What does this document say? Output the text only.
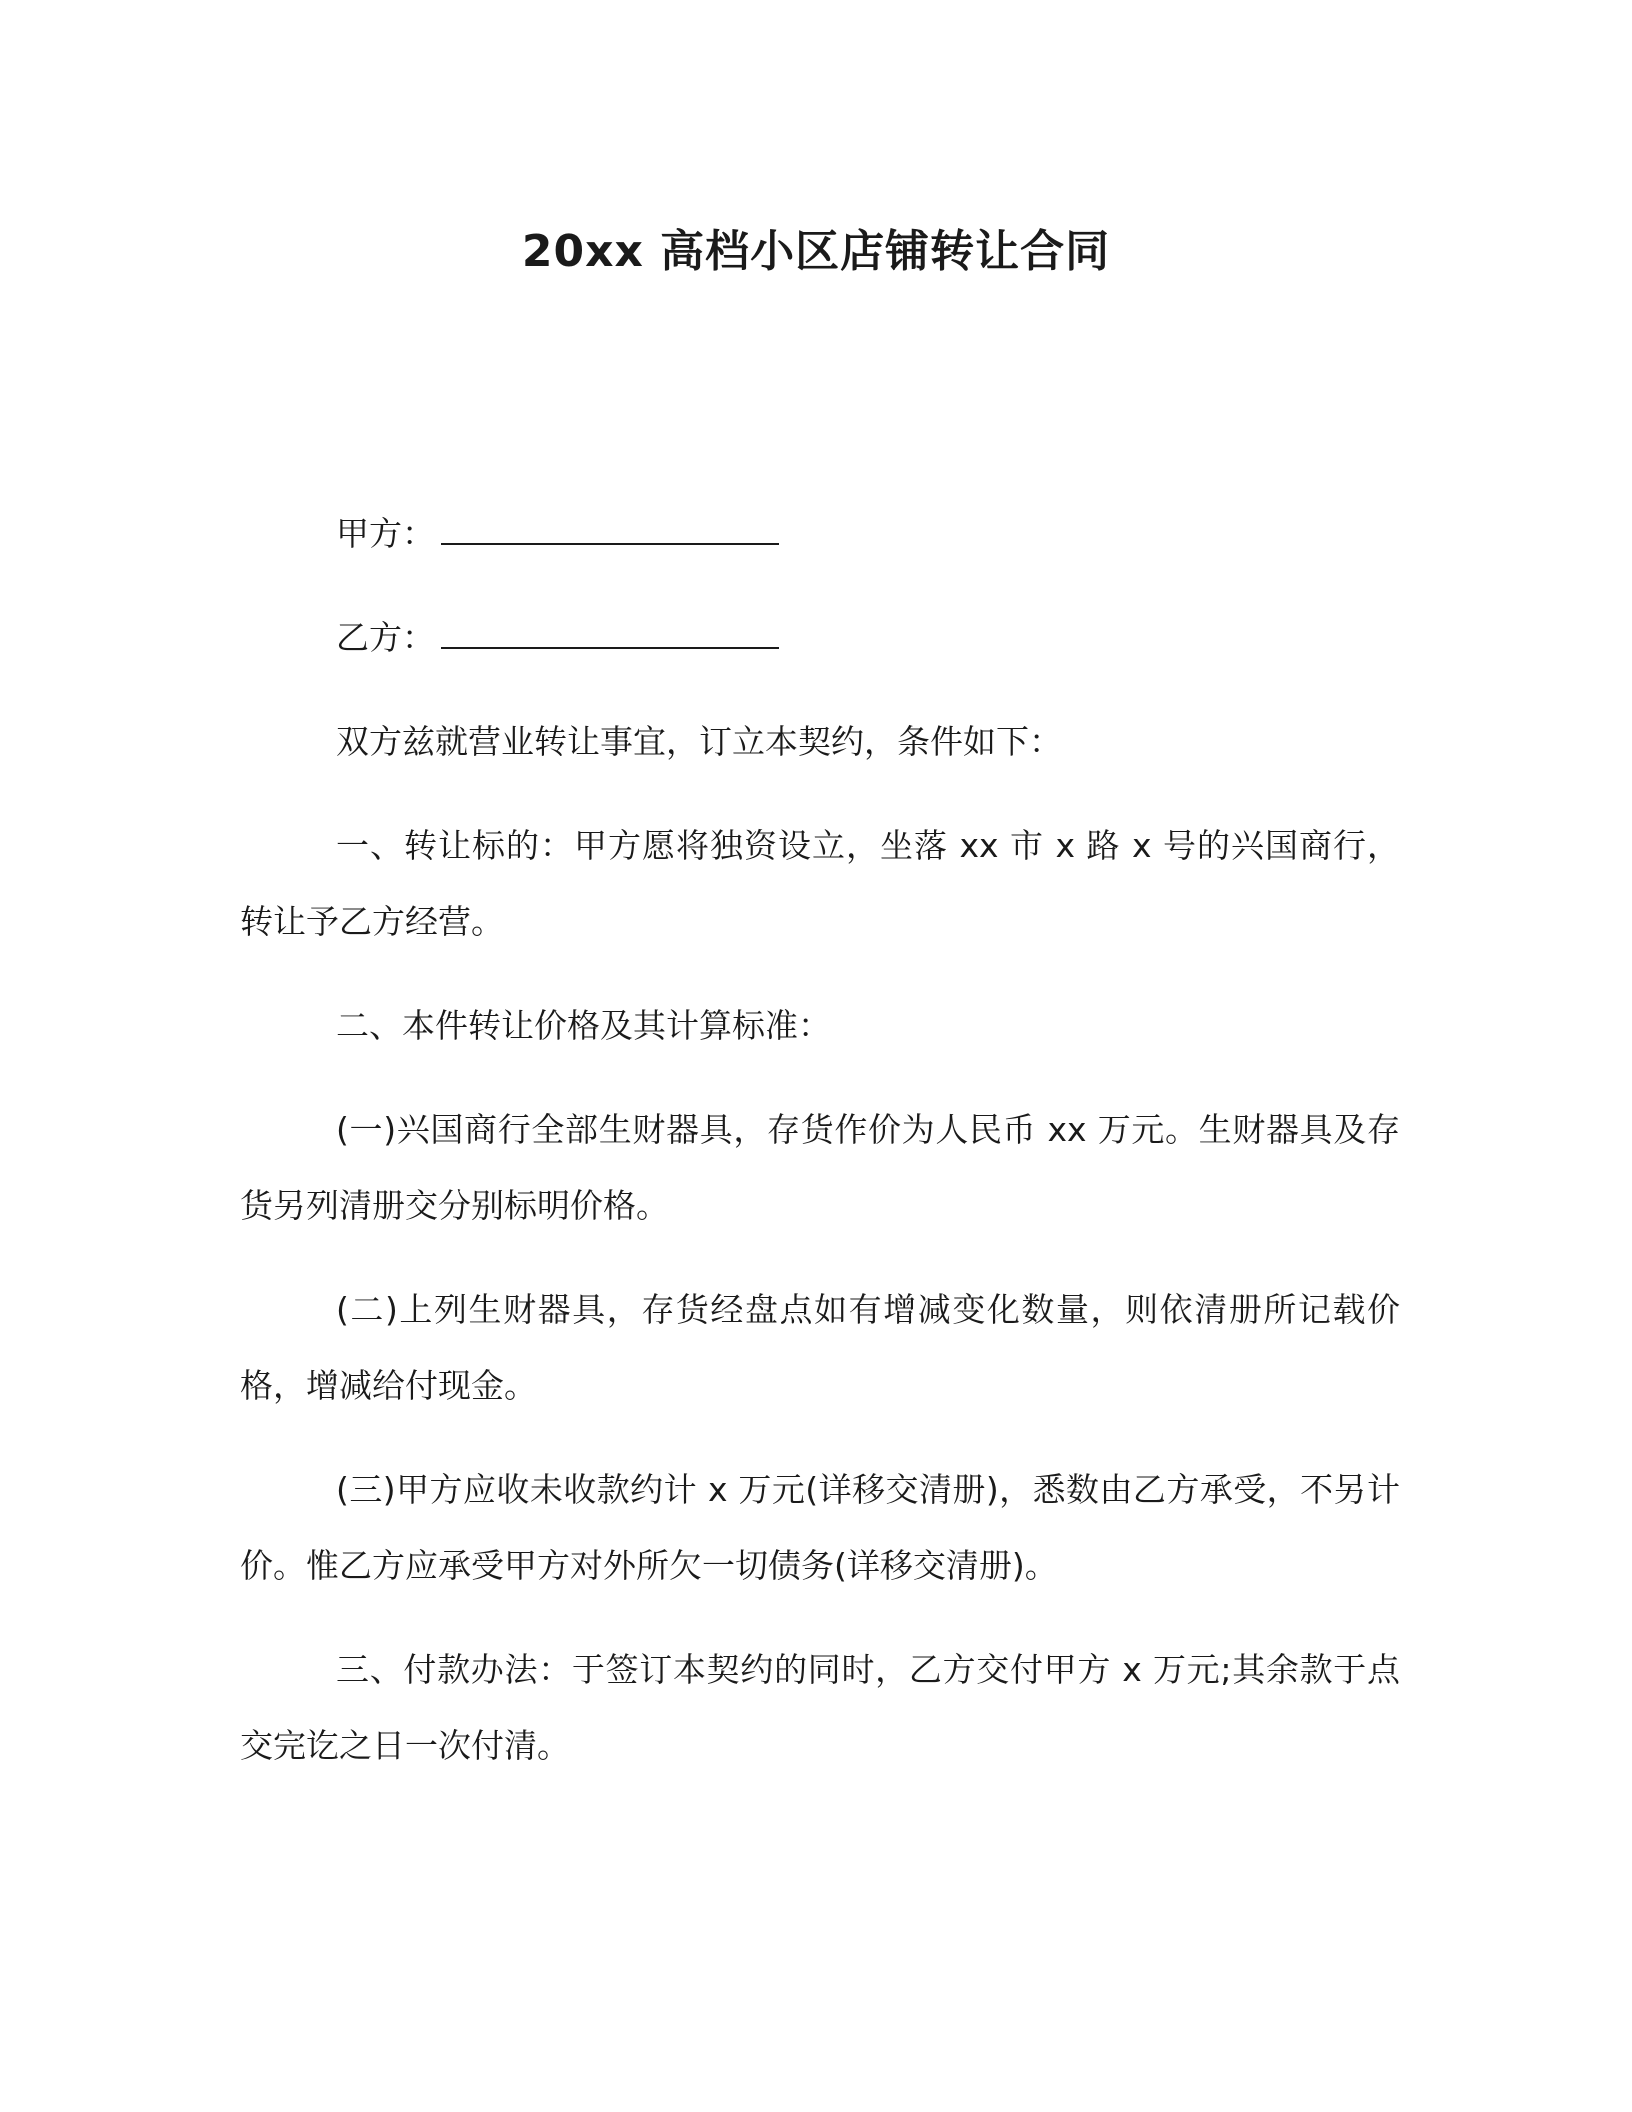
20xx 高档小区店铺转让合同

甲方：

乙方：

双方兹就营业转让事宜，订立本契约，条件如下：

一、转让标的：甲方愿将独资设立，坐落 xx 市 x 路 x 号的兴国商行，转让予乙方经营。

二、本件转让价格及其计算标准：

(一)兴国商行全部生财器具，存货作价为人民币 xx 万元。生财器具及存货另列清册交分别标明价格。

(二)上列生财器具，存货经盘点如有增减变化数量，则依清册所记载价格，增减给付现金。

(三)甲方应收未收款约计 x 万元(详移交清册)，悉数由乙方承受，不另计价。惟乙方应承受甲方对外所欠一切债务(详移交清册)。

三、付款办法：于签订本契约的同时，乙方交付甲方 x 万元;其余款于点交完讫之日一次付清。
